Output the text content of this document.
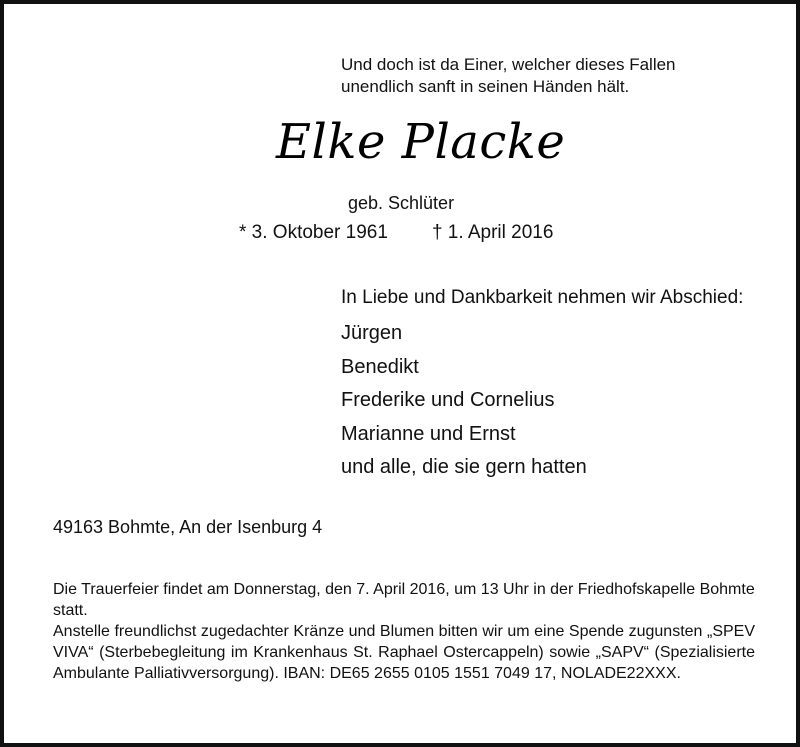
Und doch ist da Einer, welcher dieses Fallen
unendlich sanft in seinen Händen hält.
Elke Placke
geb. Schlüter
* 3. Oktober 1961 † 1. April 2016
In Liebe und Dankbarkeit nehmen wir Abschied:
Jürgen
Benedikt
Frederike und Cornelius
Marianne und Ernst
und alle, die sie gern hatten
49163 Bohmte, An der Isenburg 4

Die Trauerfeier findet am Donnerstag, den 7. April 2016, um 13 Uhr in der Friedhofskapelle Bohmte statt.

Anstelle freundlichst zugedachter Kränze und Blumen bitten wir um eine Spende zugunsten „SPEV VIVA“ (Sterbebegleitung im Krankenhaus St. Raphael Ostercappeln) sowie „SAPV“ (Spezialisierte Ambulante Palliativversorgung). IBAN: DE65 2655 0105 1551 7049 17, NOLADE22XXX.
